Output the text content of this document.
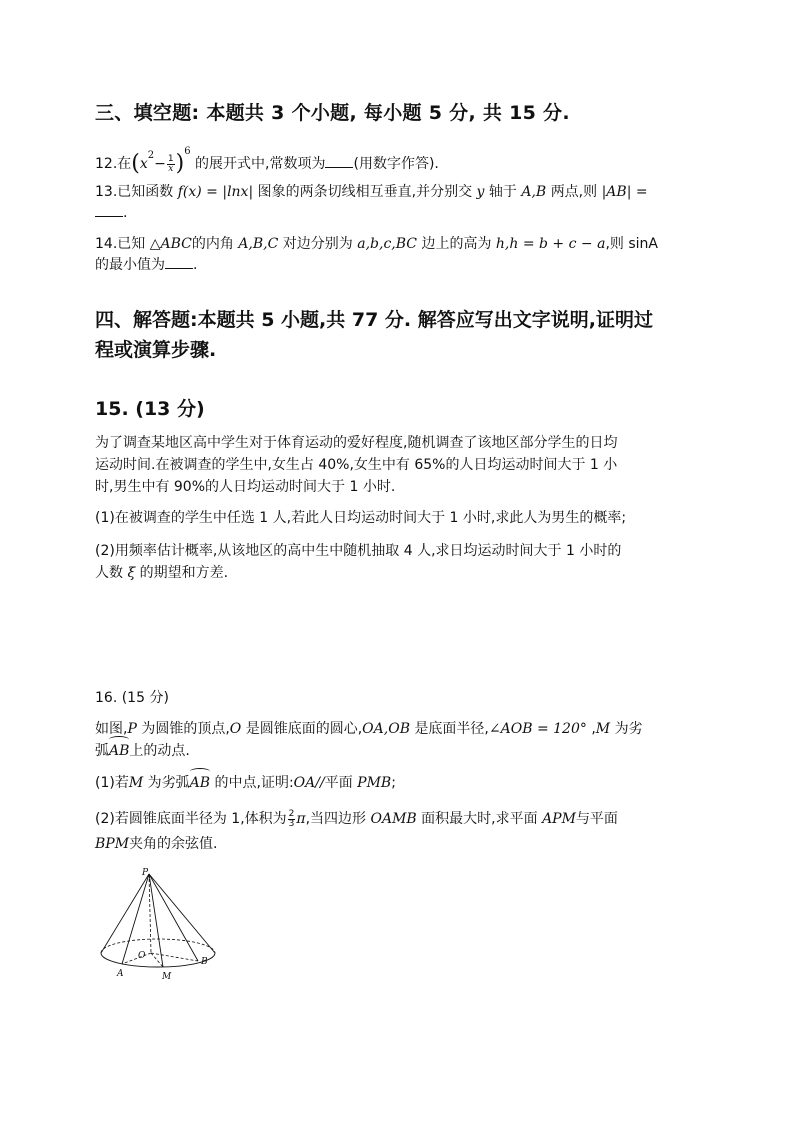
三、填空题: 本题共 3 个小题, 每小题 5 分, 共 15 分.
12.在$(x^2- \frac{1}{x} )^6$ 的展开式中,常数项为 (用数字作答).
13.已知函数 f(x) = |lnx| 图象的两条切线相互垂直,并分别交 y 轴于 A,B 两点,则 |AB| =
.
14.已知 △ABC的内角 A,B,C 对边分别为 a,b,c,BC 边上的高为 h,h = b + c − a,则 sinA
的最小值为 .
四、解答题:本题共 5 小题,共 77 分. 解答应写出文字说明,证明过
程或演算步骤.
15. (13 分)
为了调查某地区高中学生对于体育运动的爱好程度,随机调查了该地区部分学生的日均
运动时间.在被调查的学生中,女生占 40%,女生中有 65%的人日均运动时间大于 1 小
时,男生中有 90%的人日均运动时间大于 1 小时.
(1)在被调查的学生中任选 1 人,若此人日均运动时间大于 1 小时,求此人为男生的概率;
(2)用频率估计概率,从该地区的高中生中随机抽取 4 人,求日均运动时间大于 1 小时的
人数 ξ 的期望和方差.
16. (15 分)
如图,P 为圆锥的顶点,O 是圆锥底面的圆心,OA,OB 是底面半径,∠AOB = 120° ,M 为劣
弧AB上的动点.
(1)若M 为劣弧AB 的中点,证明:OA//平面 PMB;
(2)若圆锥底面半径为 1,体积为 $\frac{2}{3} \pi$,当四边形 OAMB 面积最大时,求平面 APM与平面
BPM夹角的余弦值.
P
O
A
B
M
